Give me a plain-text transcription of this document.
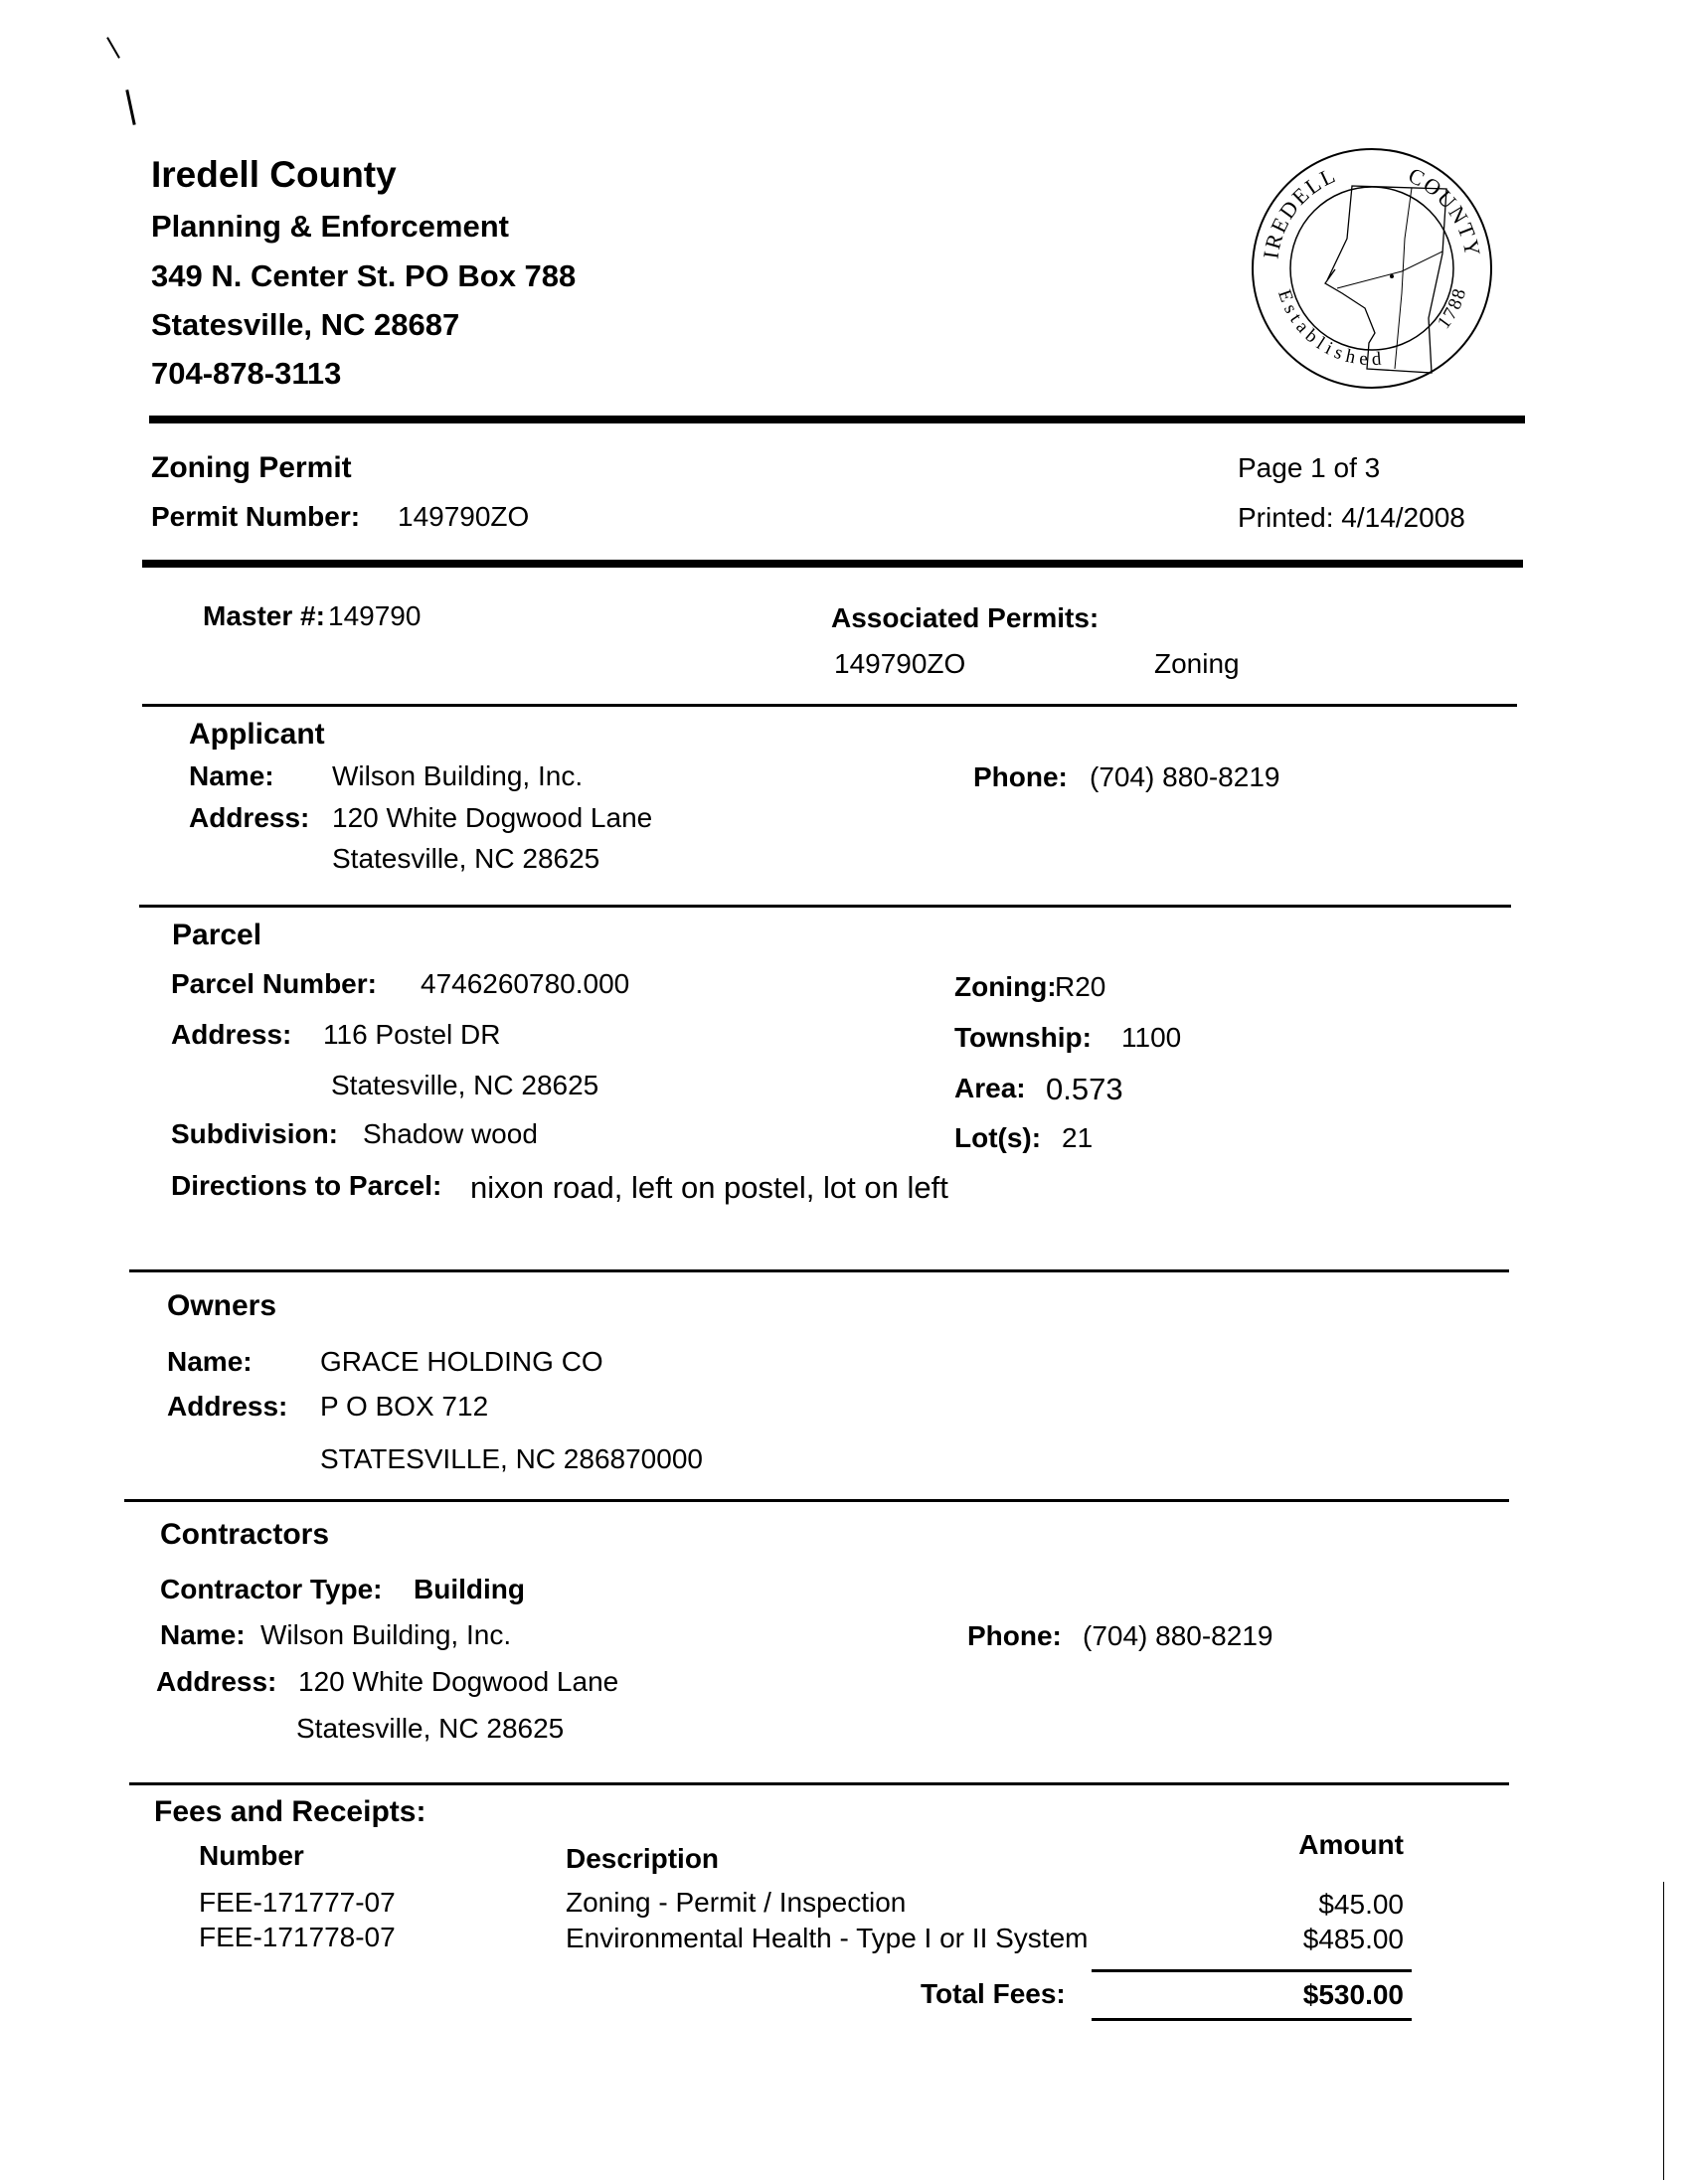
Iredell County
Planning & Enforcement
349 N. Center St. PO Box 788
Statesville, NC 28687
704-878-3113
IREDELL	COUNTY
Established
1788
Zoning Permit
Permit Number: 149790ZO
Page 1 of 3
Printed: 4/14/2008
Master #: 149790	Associated Permits:
149790ZO	Zoning
Applicant
Name: Wilson Building, Inc.
Address: 120 White Dogwood Lane
Statesville, NC 28625
Phone: (704) 880-8219
Parcel
Parcel Number: 4746260780.000
Address: 116 Postel DR
Statesville, NC 28625
Subdivision: Shadow wood
Directions to Parcel: nixon road, left on postel, lot on left
Zoning:
R20
Township: 1100
Area: 0.573
Lot(s): 21
Owners
Name: GRACE HOLDING CO
Address: P O BOX 712
STATESVILLE, NC 286870000
Contractors
Contractor Type: Building
Name: Wilson Building, Inc.
Address: 120 White Dogwood Lane
Statesville, NC 28625
Phone: (704) 880-8219
Fees and Receipts:
Number	Description	Amount
FEE-171777-07	Zoning - Permit / Inspection	$45.00
FEE-171778-07	Environmental Health - Type I or II System	$485.00
Total Fees:	$530.00
